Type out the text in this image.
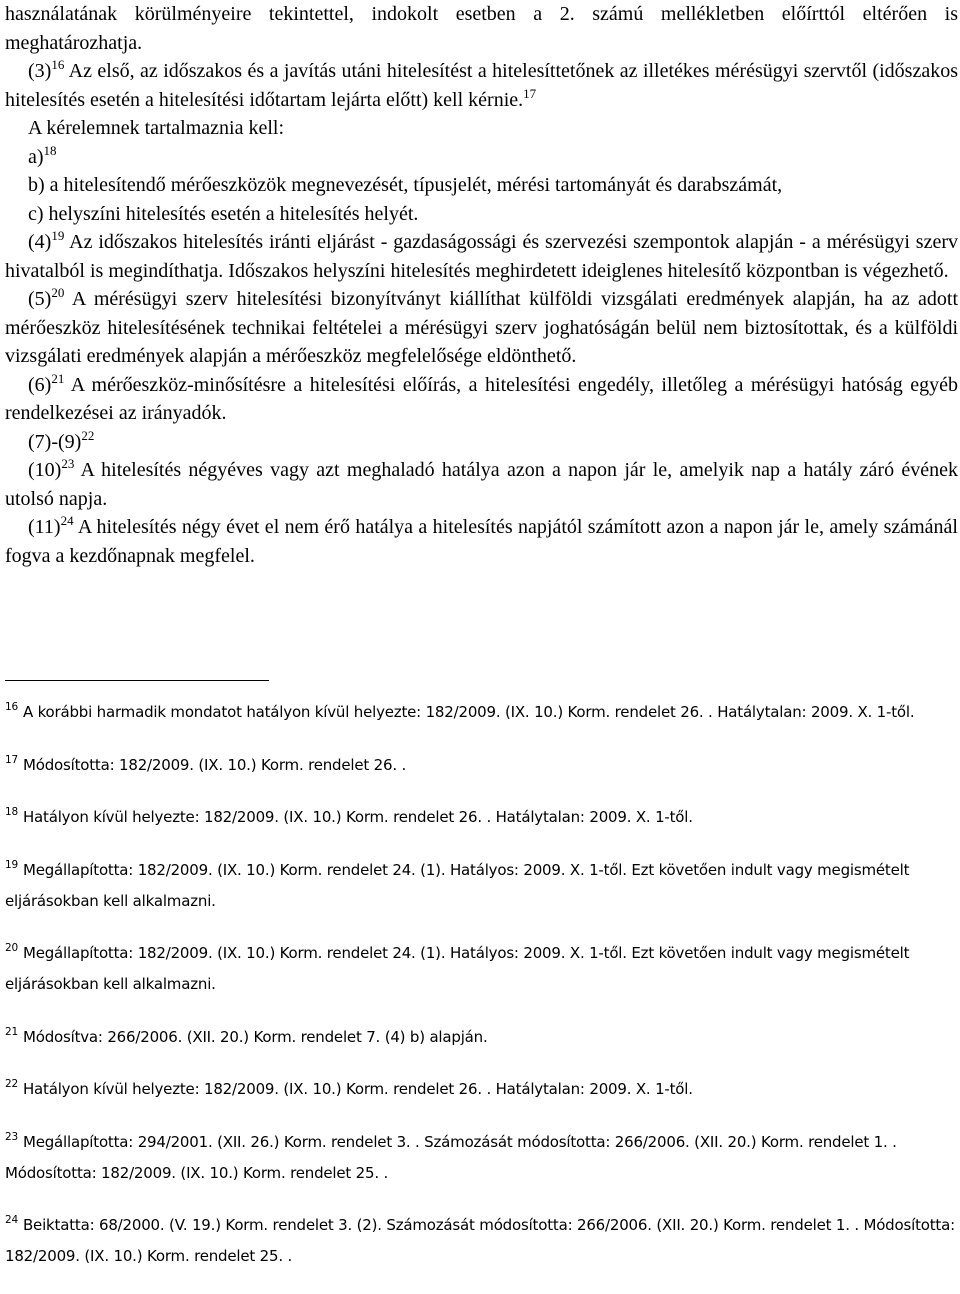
használatának körülményeire tekintettel, indokolt esetben a 2. számú mellékletben előírttól eltérően is meghatározhatja.

$(3)^{16}$ Az első, az időszakos és a javítás utáni hitelesítést a hitelesíttetőnek az illetékes mérésügyi szervtől (időszakos hitelesítés esetén a hitelesítési időtartam lejárta előtt) kell kérnie.$^{17}$

A kérelemnek tartalmaznia kell:

a)$^{18}$

b) a hitelesítendő mérőeszközök megnevezését, típusjelét, mérési tartományát és darabszámát,

c) helyszíni hitelesítés esetén a hitelesítés helyét.

$(4)^{19}$ Az időszakos hitelesítés iránti eljárást - gazdaságossági és szervezési szempontok alapján - a mérésügyi szerv hivatalból is megindíthatja. Időszakos helyszíni hitelesítés meghirdetett ideiglenes hitelesítő központban is végezhető.

$(5)^{20}$ A mérésügyi szerv hitelesítési bizonyítványt kiállíthat külföldi vizsgálati eredmények alapján, ha az adott mérőeszköz hitelesítésének technikai feltételei a mérésügyi szerv joghatóságán belül nem biztosítottak, és a külföldi vizsgálati eredmények alapján a mérőeszköz megfelelősége eldönthető.

$(6)^{21}$ A mérőeszköz-minősítésre a hitelesítési előírás, a hitelesítési engedély, illetőleg a mérésügyi hatóság egyéb rendelkezései az irányadók.

$(7)-(9)^{22}$

$(10)^{23}$ A hitelesítés négyéves vagy azt meghaladó hatálya azon a napon jár le, amelyik nap a hatály záró évének utolsó napja.

$(11)^{24}$ A hitelesítés négy évet el nem érő hatálya a hitelesítés napjától számított azon a napon jár le, amely számánál fogva a kezdőnapnak megfelel.

$^{16}$ A korábbi harmadik mondatot hatályon kívül helyezte: 182/2009. (IX. 10.) Korm. rendelet 26. . Hatálytalan: 2009. X. 1-től.

$^{17}$ Módosította: 182/2009. (IX. 10.) Korm. rendelet 26. .

$^{18}$ Hatályon kívül helyezte: 182/2009. (IX. 10.) Korm. rendelet 26. . Hatálytalan: 2009. X. 1-től.

$^{19}$ Megállapította: 182/2009. (IX. 10.) Korm. rendelet 24. (1). Hatályos: 2009. X. 1-től. Ezt követően indult vagy megismételt eljárásokban kell alkalmazni.

$^{20}$ Megállapította: 182/2009. (IX. 10.) Korm. rendelet 24. (1). Hatályos: 2009. X. 1-től. Ezt követően indult vagy megismételt eljárásokban kell alkalmazni.

$^{21}$ Módosítva: 266/2006. (XII. 20.) Korm. rendelet 7. (4) b) alapján.

$^{22}$ Hatályon kívül helyezte: 182/2009. (IX. 10.) Korm. rendelet 26. . Hatálytalan: 2009. X. 1-től.

$^{23}$ Megállapította: 294/2001. (XII. 26.) Korm. rendelet 3. . Számozását módosította: 266/2006. (XII. 20.) Korm. rendelet 1. . Módosította: 182/2009. (IX. 10.) Korm. rendelet 25. .

$^{24}$ Beiktatta: 68/2000. (V. 19.) Korm. rendelet 3. (2). Számozását módosította: 266/2006. (XII. 20.) Korm. rendelet 1. . Módosította: 182/2009. (IX. 10.) Korm. rendelet 25. .
